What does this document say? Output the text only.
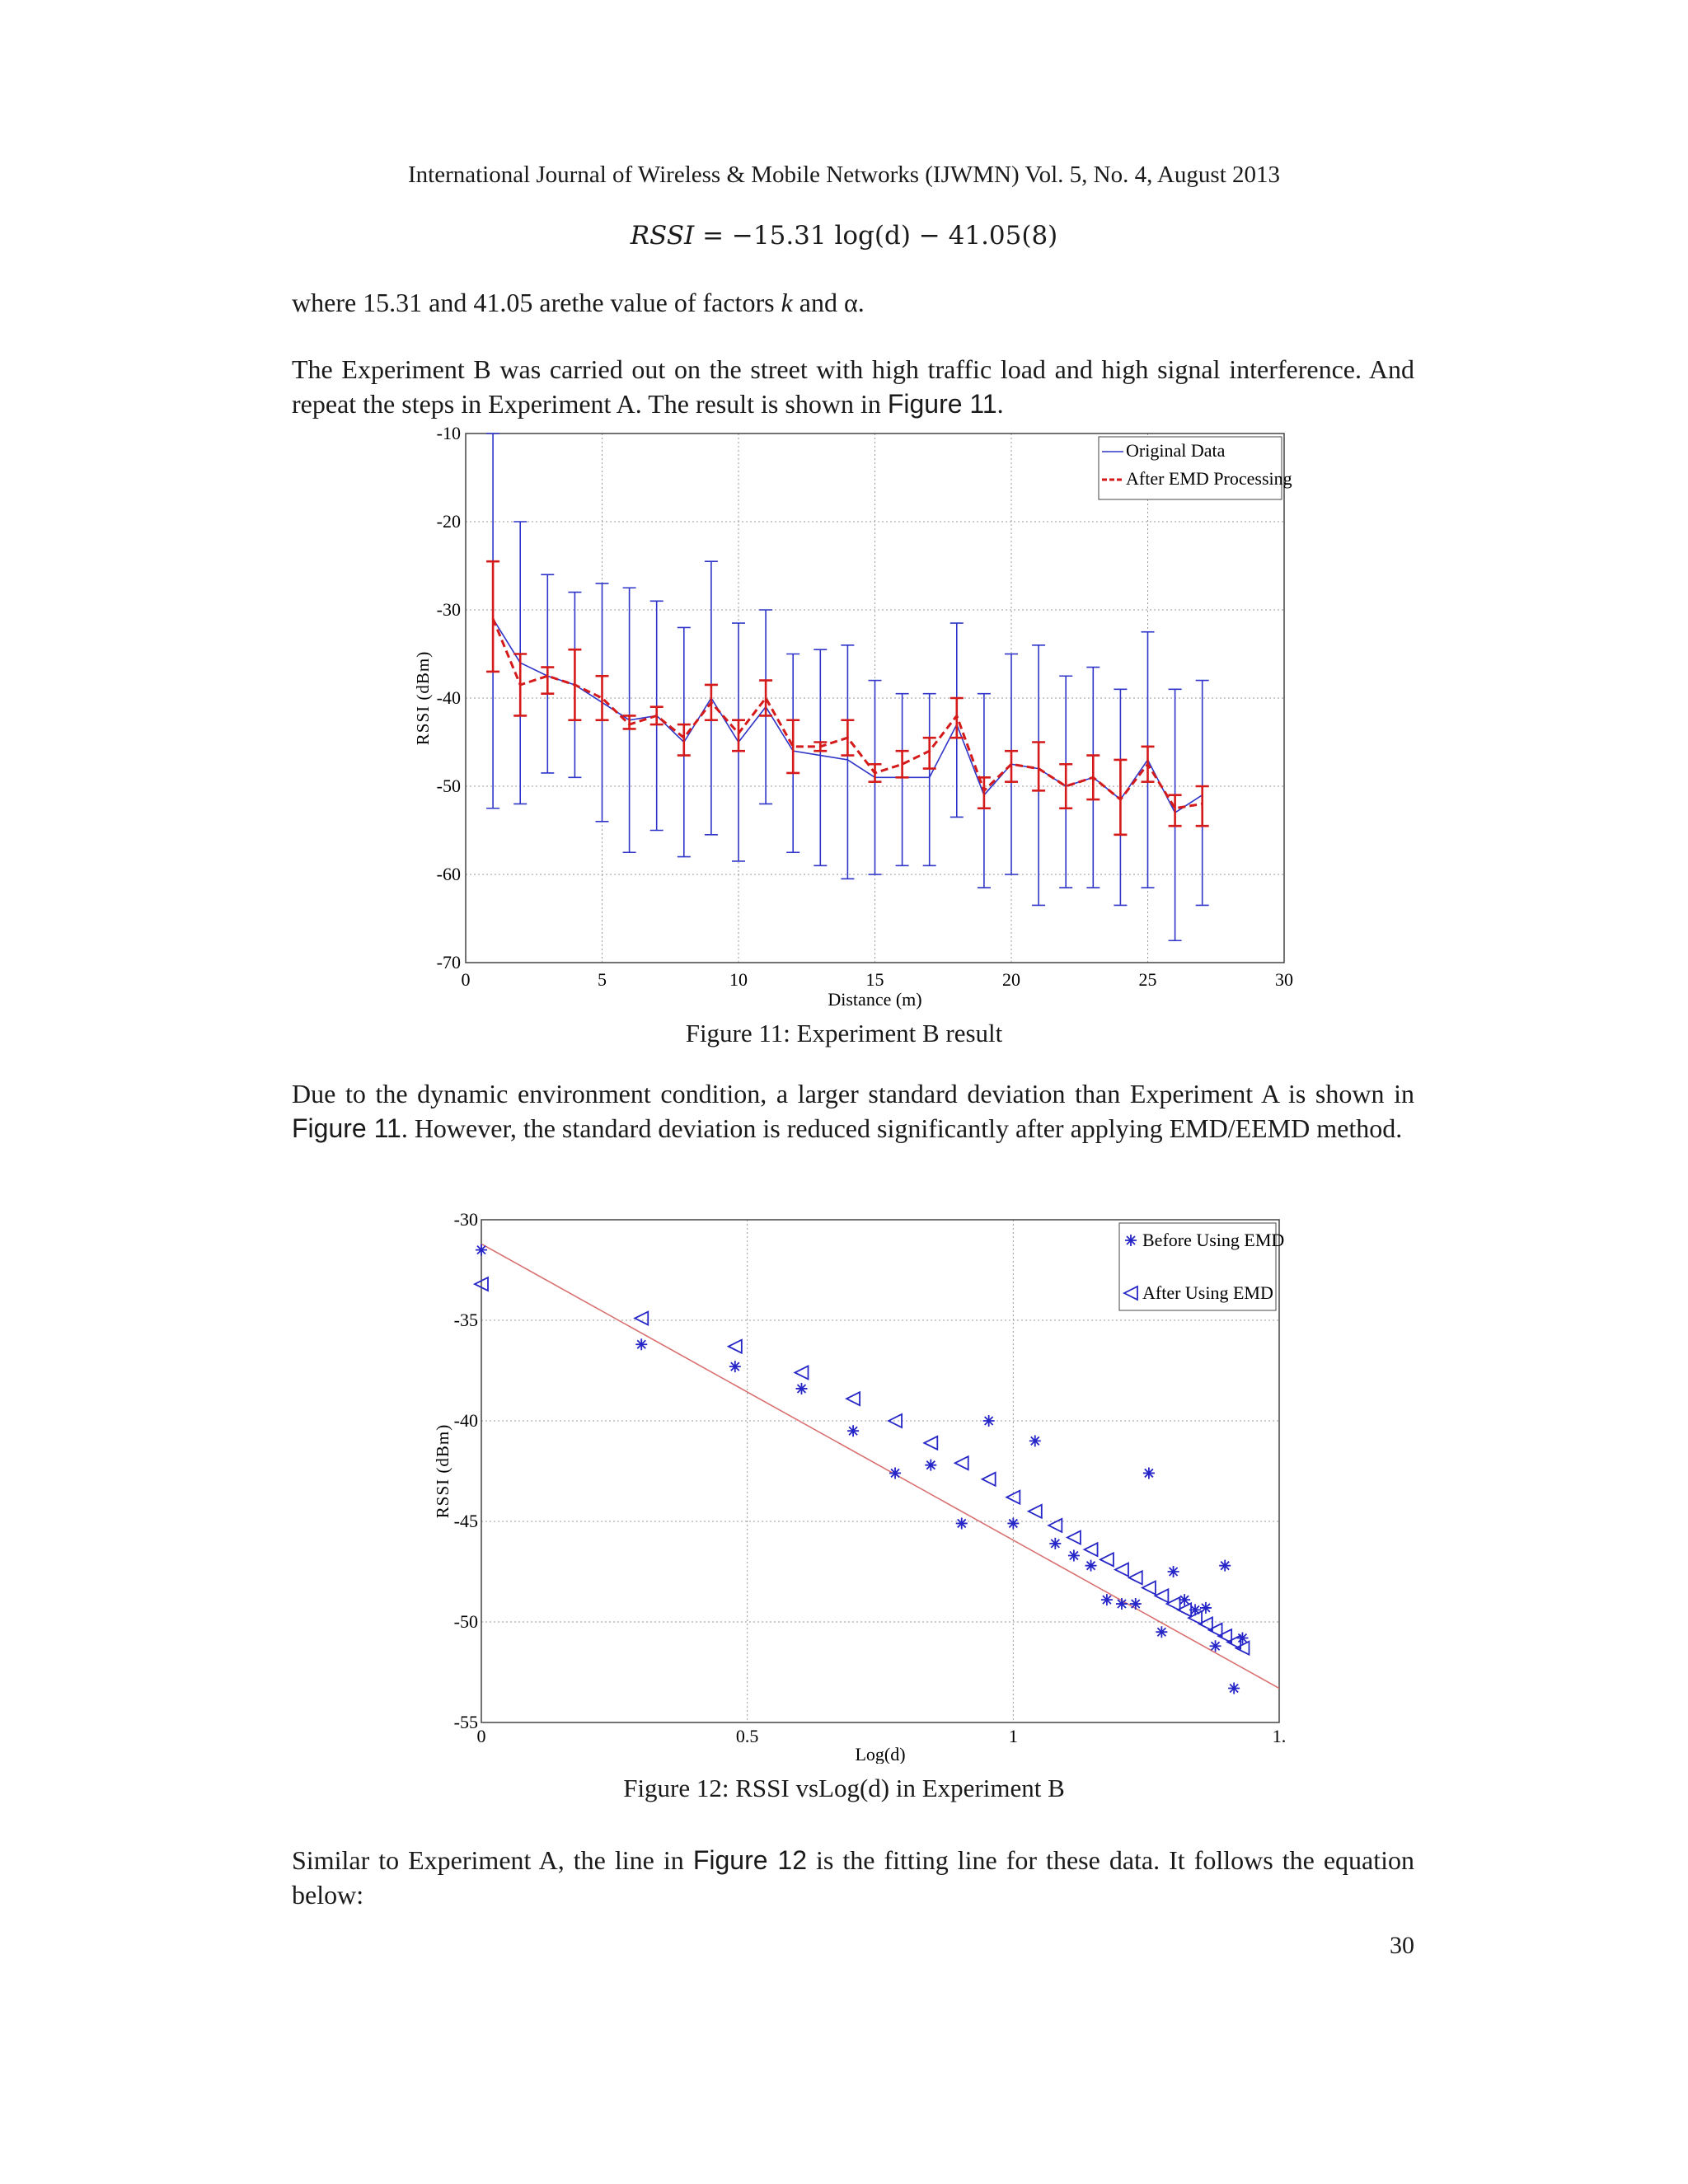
International Journal of Wireless & Mobile Networks (IJWMN) Vol. 5, No. 4, August 2013
RSSI = −15.31 log(d) − 41.05(8)
where 15.31 and 41.05 arethe value of factors k and α.
The Experiment B was carried out on the street with high traffic load and high signal interference. And repeat the steps in Experiment A. The result is shown in Figure 11.
0	5	10	15	20	25	30
-10
-20
-30
-40
-50
-60
-70
Distance (m)
RSSI (dBm)
Original Data
After EMD Processing
Figure 11: Experiment B result
Due to the dynamic environment condition, a larger standard deviation than Experiment A is shown in Figure 11. However, the standard deviation is reduced significantly after applying EMD/EEMD method.
0	0.5	1	1.
-30
-35
-40
-45
-50
-55
Log(d)
RSSI (dBm)
Before Using EMD
After Using EMD
Figure 12: RSSI vsLog(d) in Experiment B
Similar to Experiment A, the line in Figure 12 is the fitting line for these data. It follows the equation below:
30
